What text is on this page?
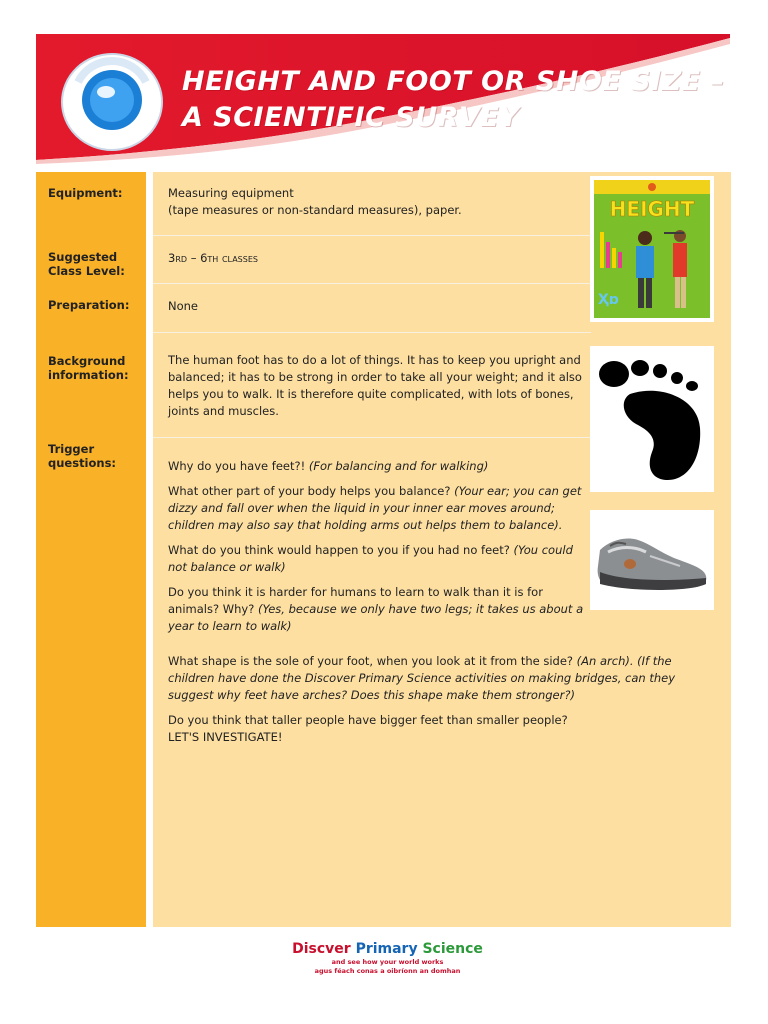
HEIGHT AND FOOT OR SHOE SIZE –
A SCIENTIFIC SURVEY
Equipment:
Suggested
Class Level:
Preparation:
Background
information:
Trigger
questions:

Measuring equipment

(tape measures or non-standard measures), paper.

3rd – 6th classes
None
The human foot has to do a lot of things. It has to keep you upright and balanced; it has to be strong in order to take all your weight; and it also helps you to walk. It is therefore quite complicated, with lots of bones, joints and muscles.

Why do you have feet?! (For balancing and for walking)

What other part of your body helps you balance? (Your ear; you can get dizzy and fall over when the liquid in your inner ear moves around; children may also say that holding arms out helps them to balance).

What do you think would happen to you if you had no feet? (You could not balance or walk)

Do you think it is harder for humans to learn to walk than it is for animals? Why? (Yes, because we only have two legs; it takes us about a year to learn to walk)

What shape is the sole of your foot, when you look at it from the side? (An arch). (If the children have done the Discover Primary Science activities on making bridges, can they suggest why feet have arches? Does this shape make them stronger?)

Do you think that taller people have bigger feet than smaller people?

LET'S INVESTIGATE!

HEIGHT
Ҳɒ
Discver Primary Science
and see how your world works
agus féach conas a oibríonn an domhan
